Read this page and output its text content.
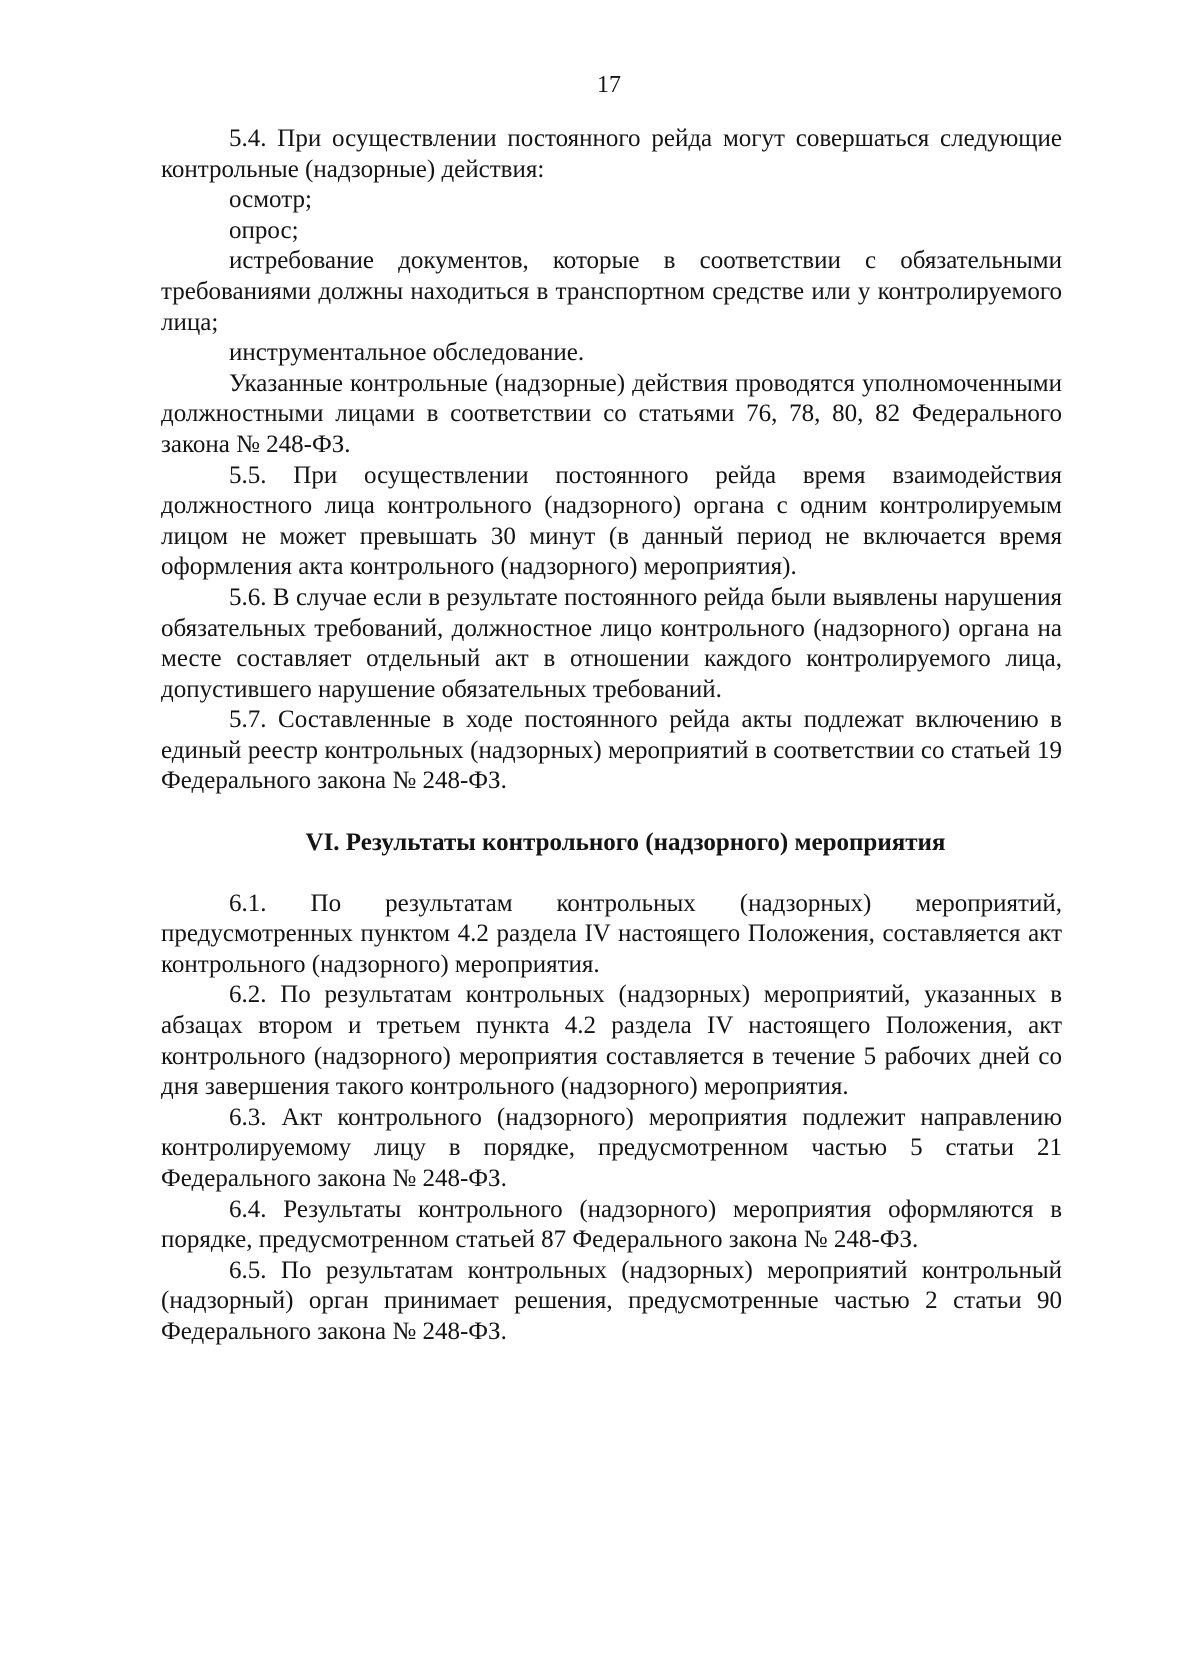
17

5.4. При осуществлении постоянного рейда могут совершаться следующие контрольные (надзорные) действия:

осмотр;

опрос;

истребование документов, которые в соответствии с обязательными требованиями должны находиться в транспортном средстве или у контролируемого лица;

инструментальное обследование.

Указанные контрольные (надзорные) действия проводятся уполномоченными должностными лицами в соответствии со статьями 76, 78, 80, 82 Федерального закона № 248-ФЗ.

5.5. При осуществлении постоянного рейда время взаимодействия должностного лица контрольного (надзорного) органа с одним контролируемым лицом не может превышать 30 минут (в данный период не включается время оформления акта контрольного (надзорного) мероприятия).

5.6. В случае если в результате постоянного рейда были выявлены нарушения обязательных требований, должностное лицо контрольного (надзорного) органа на месте составляет отдельный акт в отношении каждого контролируемого лица, допустившего нарушение обязательных требований.

5.7. Составленные в ходе постоянного рейда акты подлежат включению в единый реестр контрольных (надзорных) мероприятий в соответствии со статьей 19 Федерального закона № 248-ФЗ.

VI. Результаты контрольного (надзорного) мероприятия

6.1. По результатам контрольных (надзорных) мероприятий, предусмотренных пунктом 4.2 раздела IV настоящего Положения, составляется акт контрольного (надзорного) мероприятия.

6.2. По результатам контрольных (надзорных) мероприятий, указанных в абзацах втором и третьем пункта 4.2 раздела IV настоящего Положения, акт контрольного (надзорного) мероприятия составляется в течение 5 рабочих дней со дня завершения такого контрольного (надзорного) мероприятия.

6.3. Акт контрольного (надзорного) мероприятия подлежит направлению контролируемому лицу в порядке, предусмотренном частью 5 статьи 21 Федерального закона № 248-ФЗ.

6.4. Результаты контрольного (надзорного) мероприятия оформляются в порядке, предусмотренном статьей 87 Федерального закона № 248-ФЗ.

6.5. По результатам контрольных (надзорных) мероприятий контрольный (надзорный) орган принимает решения, предусмотренные частью 2 статьи 90 Федерального закона № 248-ФЗ.
